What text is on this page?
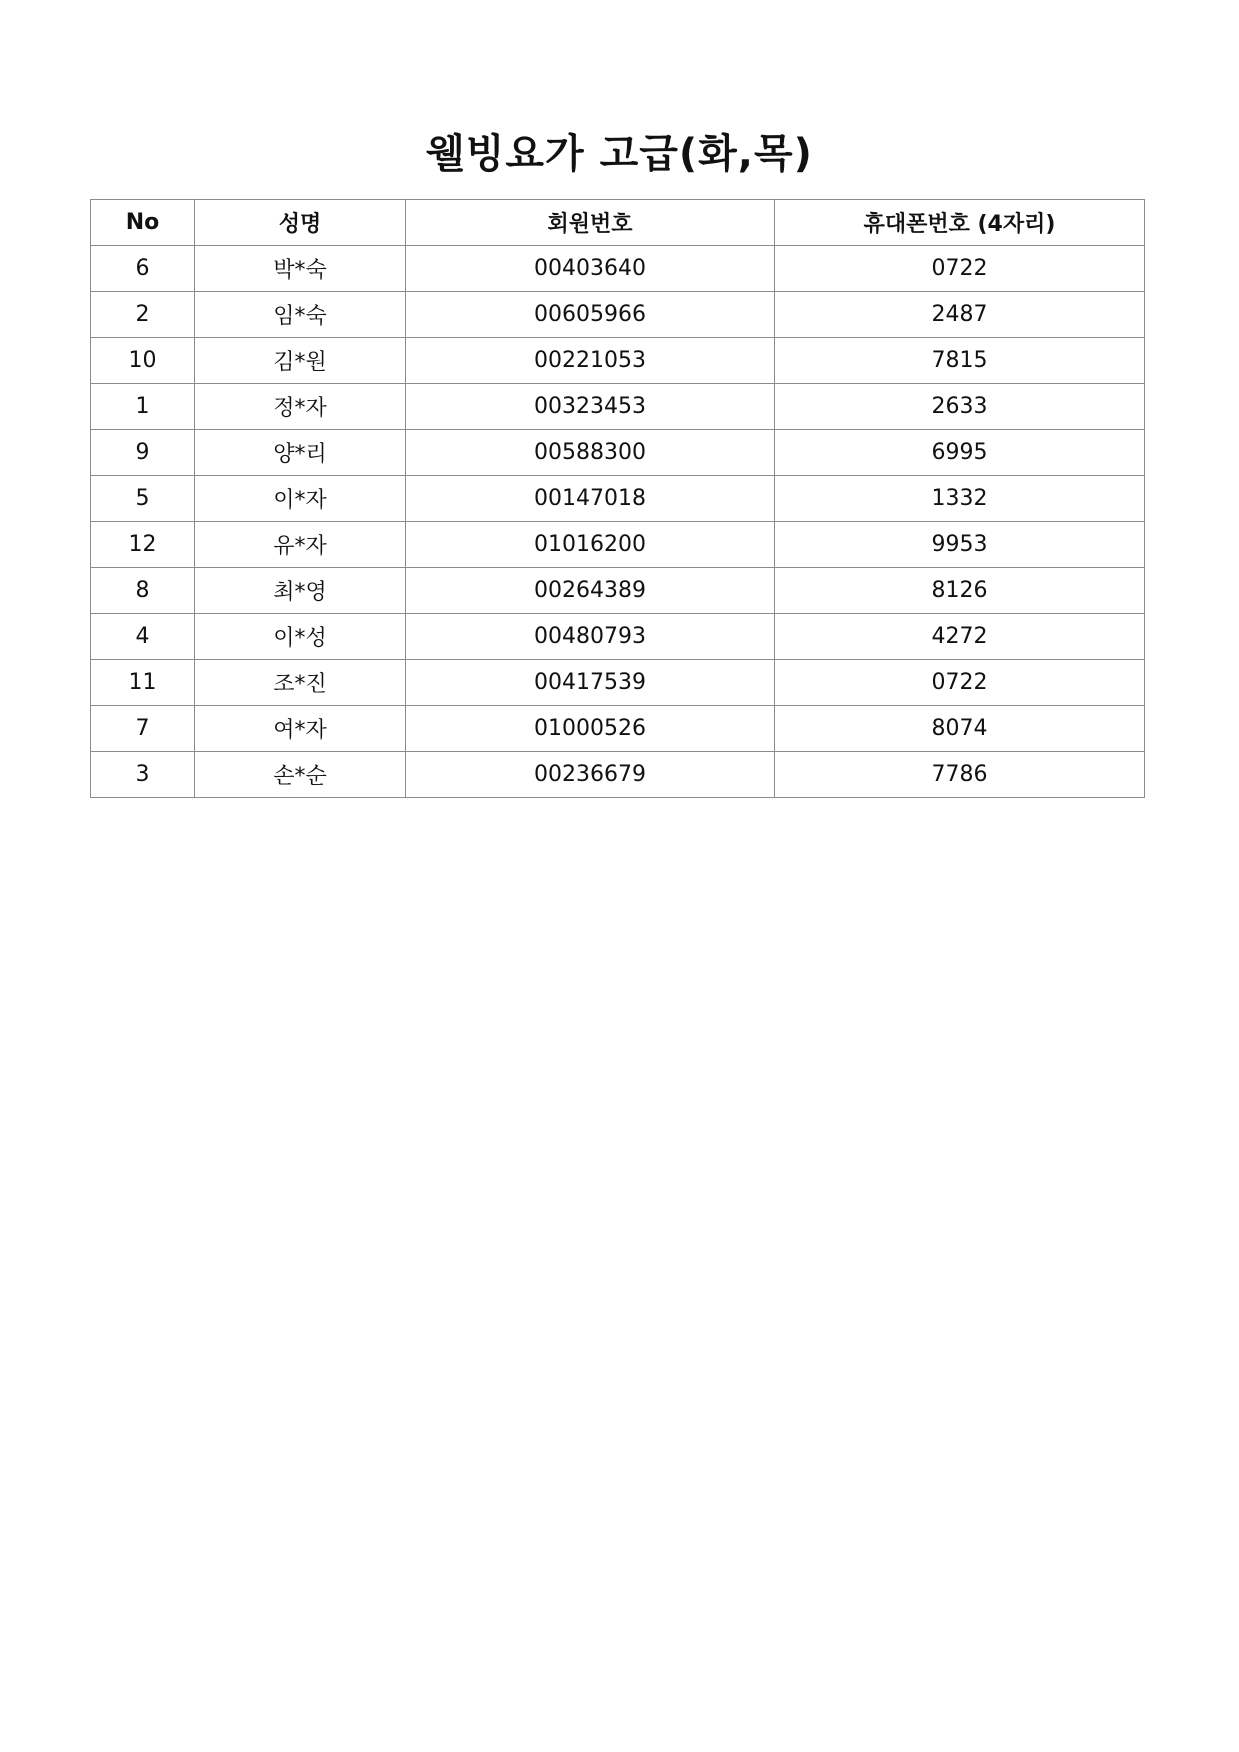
웰빙요가 고급(화,목)
No	성명	회원번호	휴대폰번호 (4자리)
6	박*숙	00403640	0722
2	임*숙	00605966	2487
10	김*원	00221053	7815
1	정*자	00323453	2633
9	양*리	00588300	6995
5	이*자	00147018	1332
12	유*자	01016200	9953
8	최*영	00264389	8126
4	이*성	00480793	4272
11	조*진	00417539	0722
7	여*자	01000526	8074
3	손*순	00236679	7786
